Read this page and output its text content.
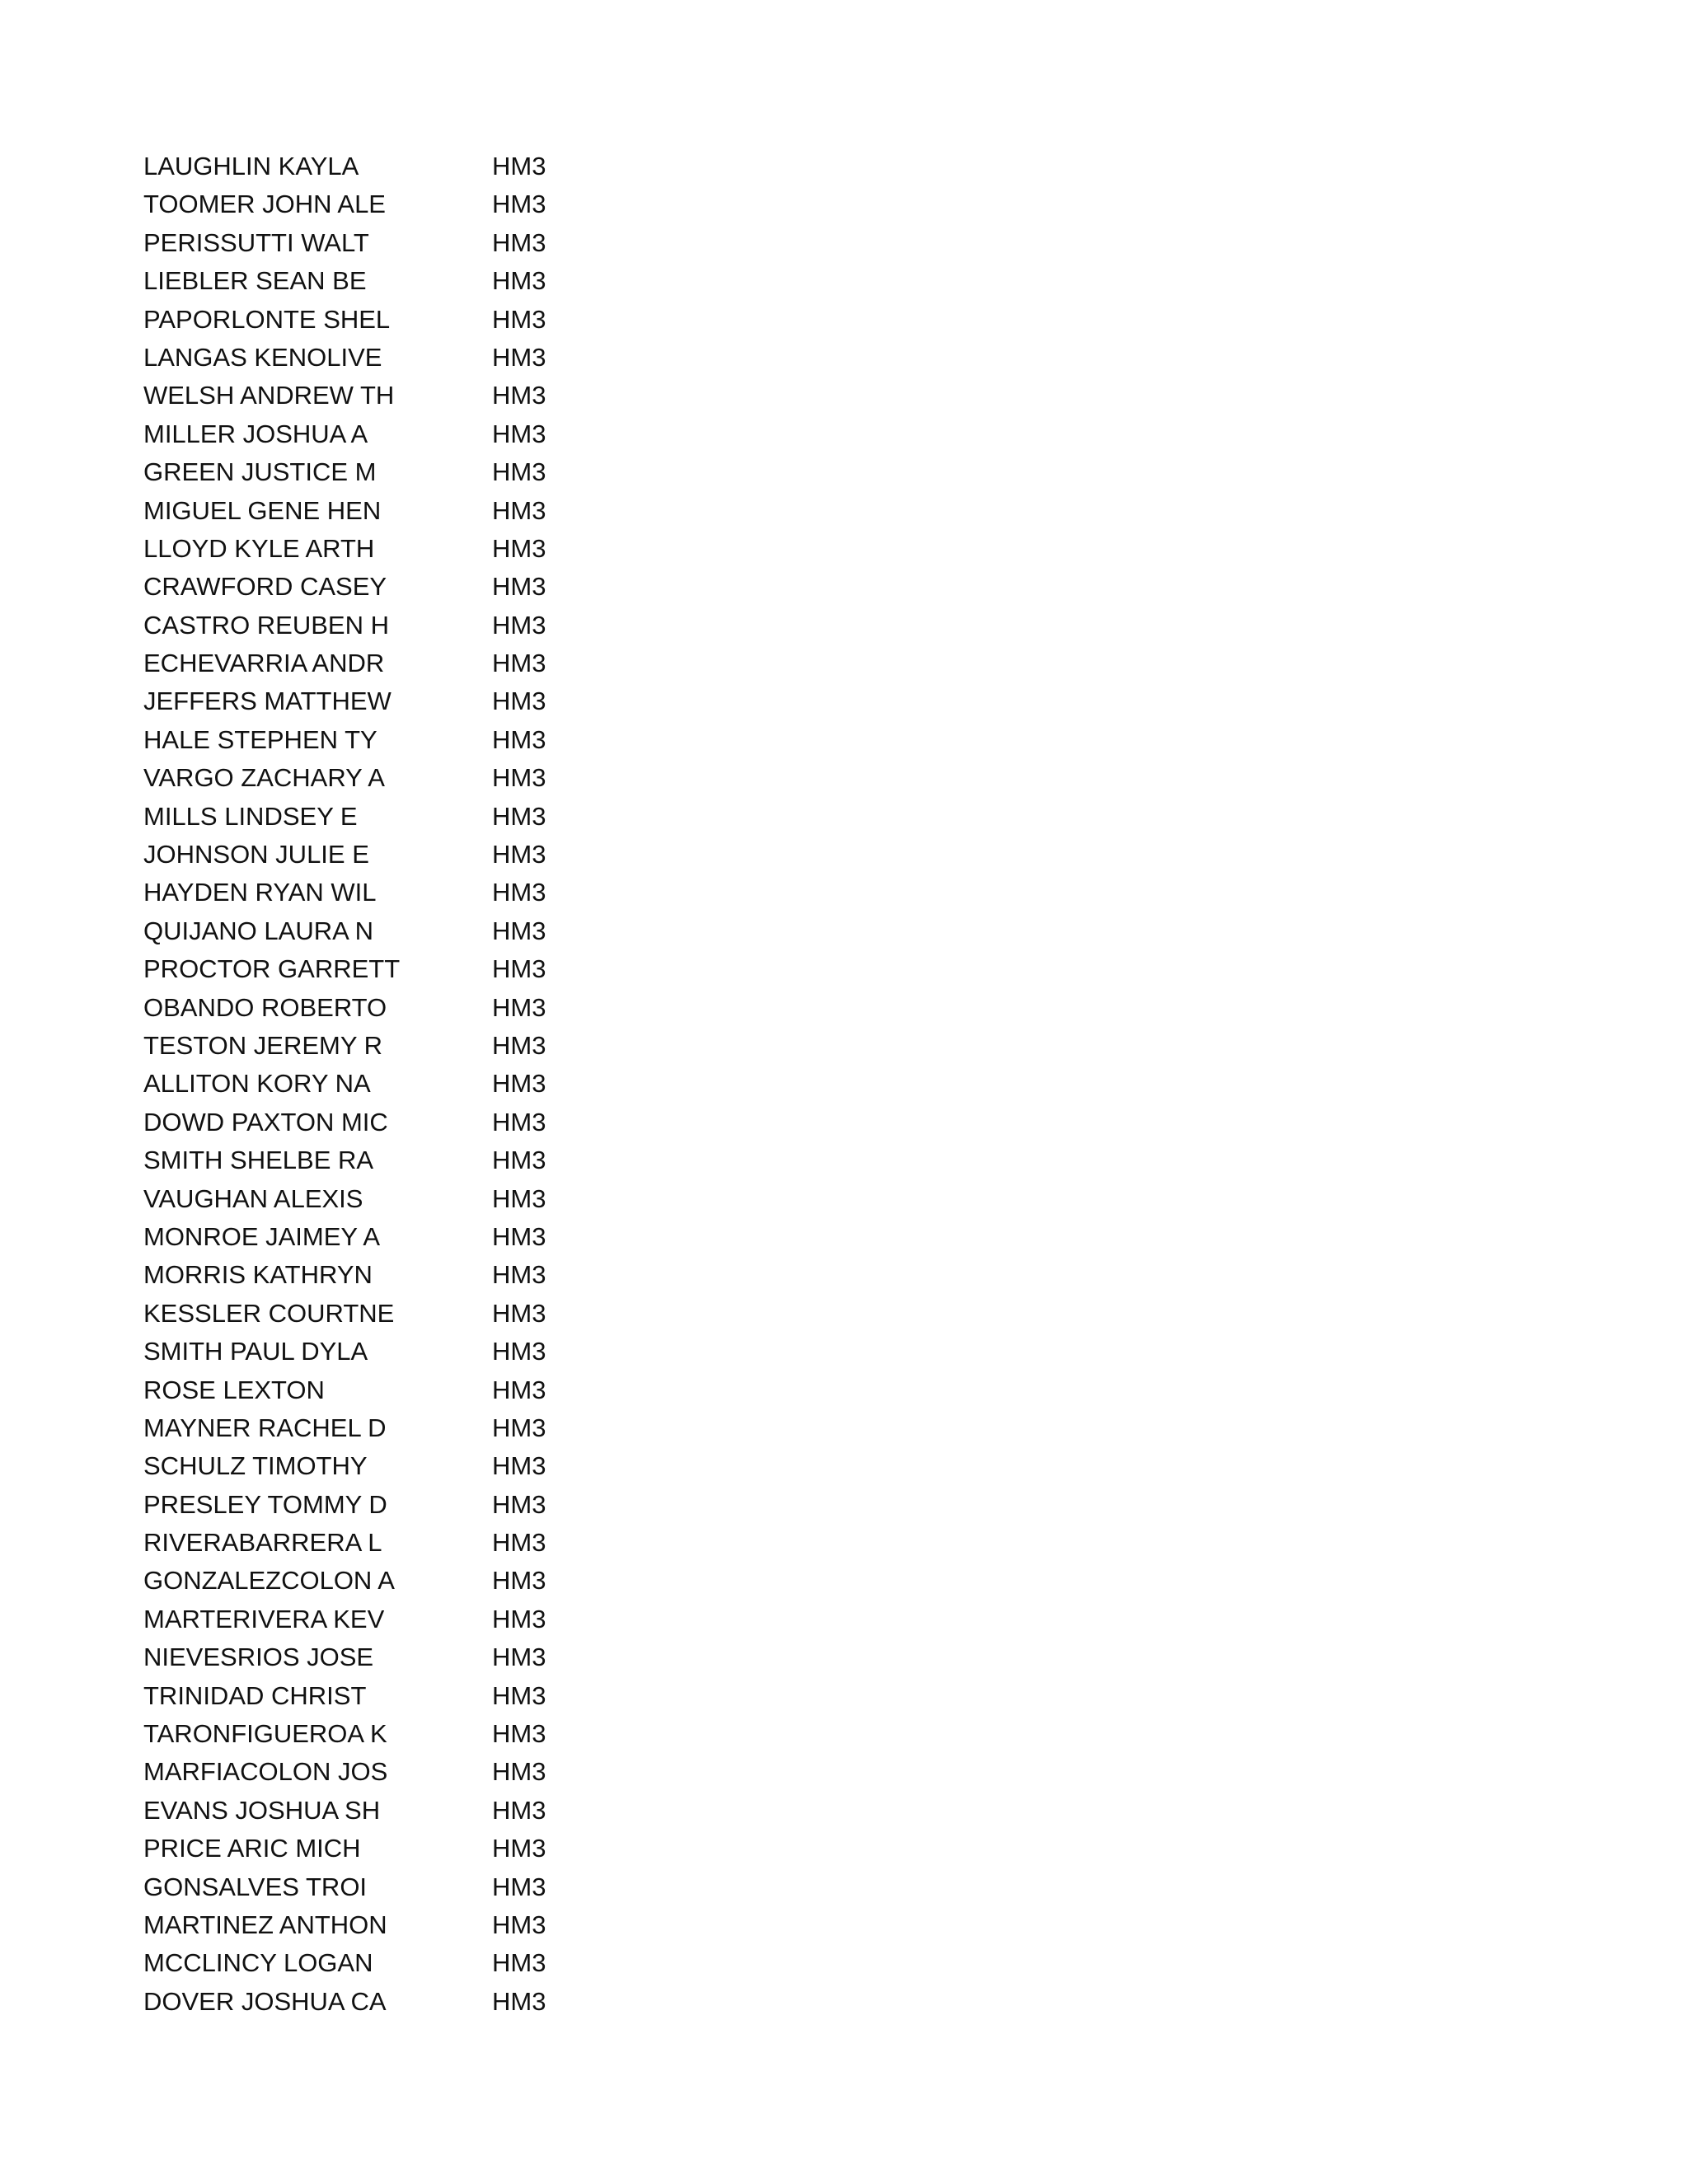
LAUGHLIN KAYLA	HM3
TOOMER JOHN ALE	HM3
PERISSUTTI WALT	HM3
LIEBLER SEAN BE	HM3
PAPORLONTE SHEL	HM3
LANGAS KENOLIVE	HM3
WELSH ANDREW TH	HM3
MILLER JOSHUA A	HM3
GREEN JUSTICE M	HM3
MIGUEL GENE HEN	HM3
LLOYD KYLE ARTH	HM3
CRAWFORD CASEY	HM3
CASTRO REUBEN H	HM3
ECHEVARRIA ANDR	HM3
JEFFERS MATTHEW	HM3
HALE STEPHEN TY	HM3
VARGO ZACHARY A	HM3
MILLS LINDSEY E	HM3
JOHNSON JULIE E	HM3
HAYDEN RYAN WIL	HM3
QUIJANO LAURA N	HM3
PROCTOR GARRETT	HM3
OBANDO ROBERTO	HM3
TESTON JEREMY R	HM3
ALLITON KORY NA	HM3
DOWD PAXTON MIC	HM3
SMITH SHELBE RA	HM3
VAUGHAN ALEXIS	HM3
MONROE JAIMEY A	HM3
MORRIS KATHRYN	HM3
KESSLER COURTNE	HM3
SMITH PAUL DYLA	HM3
ROSE LEXTON	HM3
MAYNER RACHEL D	HM3
SCHULZ TIMOTHY	HM3
PRESLEY TOMMY D	HM3
RIVERABARRERA L	HM3
GONZALEZCOLON A	HM3
MARTERIVERA KEV	HM3
NIEVESRIOS JOSE	HM3
TRINIDAD CHRIST	HM3
TARONFIGUEROA K	HM3
MARFIACOLON JOS	HM3
EVANS JOSHUA SH	HM3
PRICE ARIC MICH	HM3
GONSALVES TROI	HM3
MARTINEZ ANTHON	HM3
MCCLINCY LOGAN	HM3
DOVER JOSHUA CA	HM3
